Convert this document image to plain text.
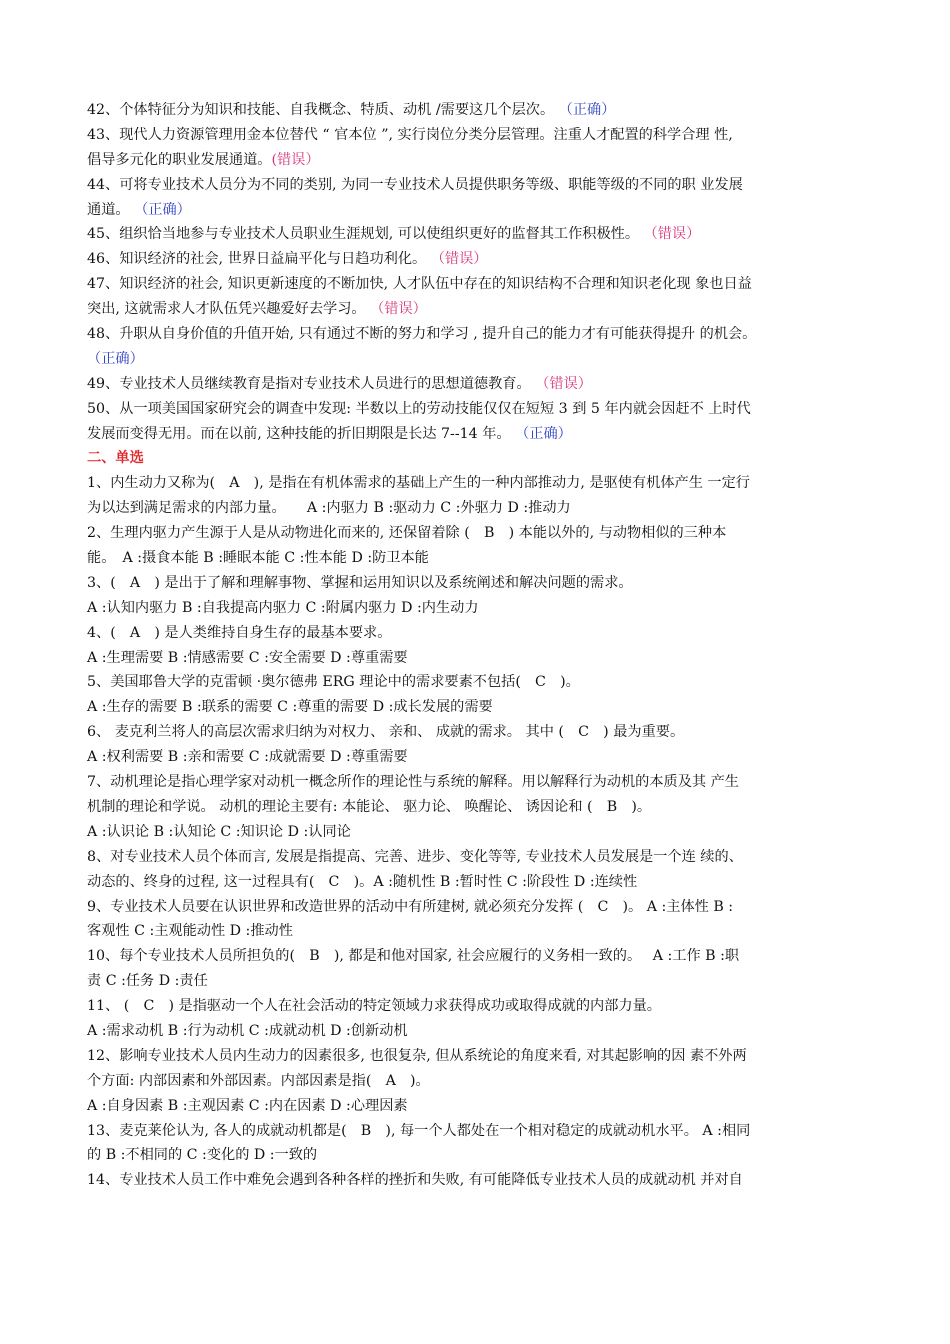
42、个体特征分为知识和技能、自我概念、特质、动机 /需要这几个层次。 （正确）
43、现代人力资源管理用金本位替代 “ 官本位 ”, 实行岗位分类分层管理。注重人才配置的科学合理 性,
倡导多元化的职业发展通道。(错误）
44、可将专业技术人员分为不同的类别, 为同一专业技术人员提供职务等级、职能等级的不同的职 业发展
通道。 （正确）
45、组织恰当地参与专业技术人员职业生涯规划, 可以使组织更好的监督其工作积极性。 （错误）
46、知识经济的社会, 世界日益扁平化与日趋功利化。 （错误）
47、知识经济的社会, 知识更新速度的不断加快, 人才队伍中存在的知识结构不合理和知识老化现 象也日益
突出, 这就需求人才队伍凭兴趣爱好去学习。 （错误）
48、升职从自身价值的升值开始, 只有通过不断的努力和学习 , 提升自己的能力才有可能获得提升 的机会。
（正确）
49、专业技术人员继续教育是指对专业技术人员进行的思想道德教育。 （错误）
50、从一项美国国家研究会的调查中发现: 半数以上的劳动技能仅仅在短短 3 到 5 年内就会因赶不 上时代
发展而变得无用。而在以前, 这种技能的折旧期限是长达 7--14 年。 （正确）
二、单选
1、内生动力又称为(　A　), 是指在有机体需求的基础上产生的一种内部推动力, 是驱使有机体产生 一定行
为以达到满足需求的内部力量。　　A :内驱力 B :驱动力 C :外驱力 D :推动力
2、生理内驱力产生源于人是从动物进化而来的, 还保留着除 (　B　) 本能以外的, 与动物相似的三种本
能。　A :摄食本能 B :睡眠本能 C :性本能 D :防卫本能
3、(　A　) 是出于了解和理解事物、掌握和运用知识以及系统阐述和解决问题的需求。
A :认知内驱力 B :自我提高内驱力 C :附属内驱力 D :内生动力
4、(　A　) 是人类维持自身生存的最基本要求。
A :生理需要 B :情感需要 C :安全需要 D :尊重需要
5、美国耶鲁大学的克雷顿 ·奥尔德弗 ERG 理论中的需求要素不包括(　C　)。
A :生存的需要 B :联系的需要 C :尊重的需要 D :成长发展的需要
6、 麦克利兰将人的高层次需求归纳为对权力、 亲和、 成就的需求。 其中 (　C　) 最为重要。
A :权利需要 B :亲和需要 C :成就需要 D :尊重需要
7、动机理论是指心理学家对动机一概念所作的理论性与系统的解释。用以解释行为动机的本质及其 产生
机制的理论和学说。 动机的理论主要有: 本能论、 驱力论、 唤醒论、 诱因论和 (　B　)。
A :认识论 B :认知论 C :知识论 D :认同论
8、对专业技术人员个体而言, 发展是指提高、完善、进步、变化等等, 专业技术人员发展是一个连 续的、
动态的、终身的过程, 这一过程具有(　C　)。A :随机性 B :暂时性 C :阶段性 D :连续性
9、专业技术人员要在认识世界和改造世界的活动中有所建树, 就必须充分发挥 (　C　)。 A :主体性 B :
客观性 C :主观能动性 D :推动性
10、每个专业技术人员所担负的(　B　), 都是和他对国家, 社会应履行的义务相一致的。　 A :工作 B :职
责 C :任务 D :责任
11、 (　C　) 是指驱动一个人在社会活动的特定领域力求获得成功或取得成就的内部力量。
A :需求动机 B :行为动机 C :成就动机 D :创新动机
12、影响专业技术人员内生动力的因素很多, 也很复杂, 但从系统论的角度来看, 对其起影响的因 素不外两
个方面: 内部因素和外部因素。内部因素是指(　A　)。
A :自身因素 B :主观因素 C :内在因素 D :心理因素
13、麦克莱伦认为, 各人的成就动机都是(　B　), 每一个人都处在一个相对稳定的成就动机水平。 A :相同
的 B :不相同的 C :变化的 D :一致的
14、专业技术人员工作中难免会遇到各种各样的挫折和失败, 有可能降低专业技术人员的成就动机 并对自
